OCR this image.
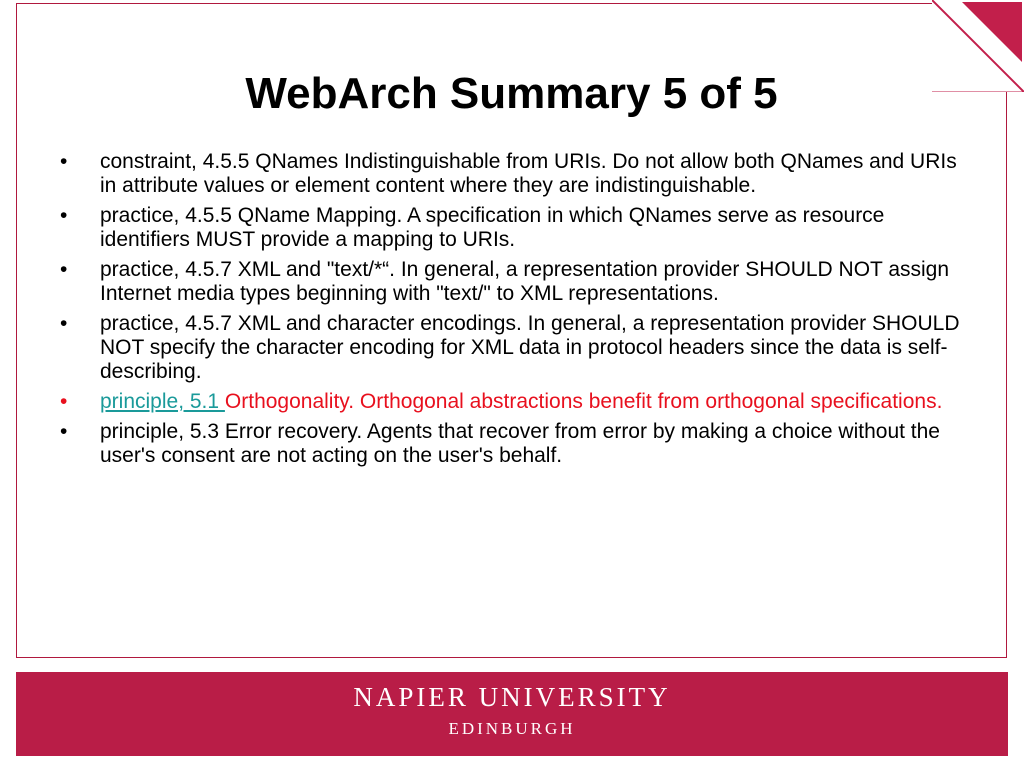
WebArch Summary 5 of 5
•	constraint, 4.5.5 QNames Indistinguishable from URIs. Do not allow both QNames and URIs in attribute values or element content where they are indistinguishable.
•	practice, 4.5.5 QName Mapping. A specification in which QNames serve as resource identifiers MUST provide a mapping to URIs.
•	practice, 4.5.7 XML and "text/*“. In general, a representation provider SHOULD NOT assign Internet media types beginning with "text/" to XML representations.
•	practice, 4.5.7 XML and character encodings. In general, a representation provider SHOULD NOT specify the character encoding for XML data in protocol headers since the data is self-describing.
•	principle, 5.1 Orthogonality. Orthogonal abstractions benefit from orthogonal specifications.
•	principle, 5.3 Error recovery. Agents that recover from error by making a choice without the user's consent are not acting on the user's behalf.
NAPIER UNIVERSITY
EDINBURGH
